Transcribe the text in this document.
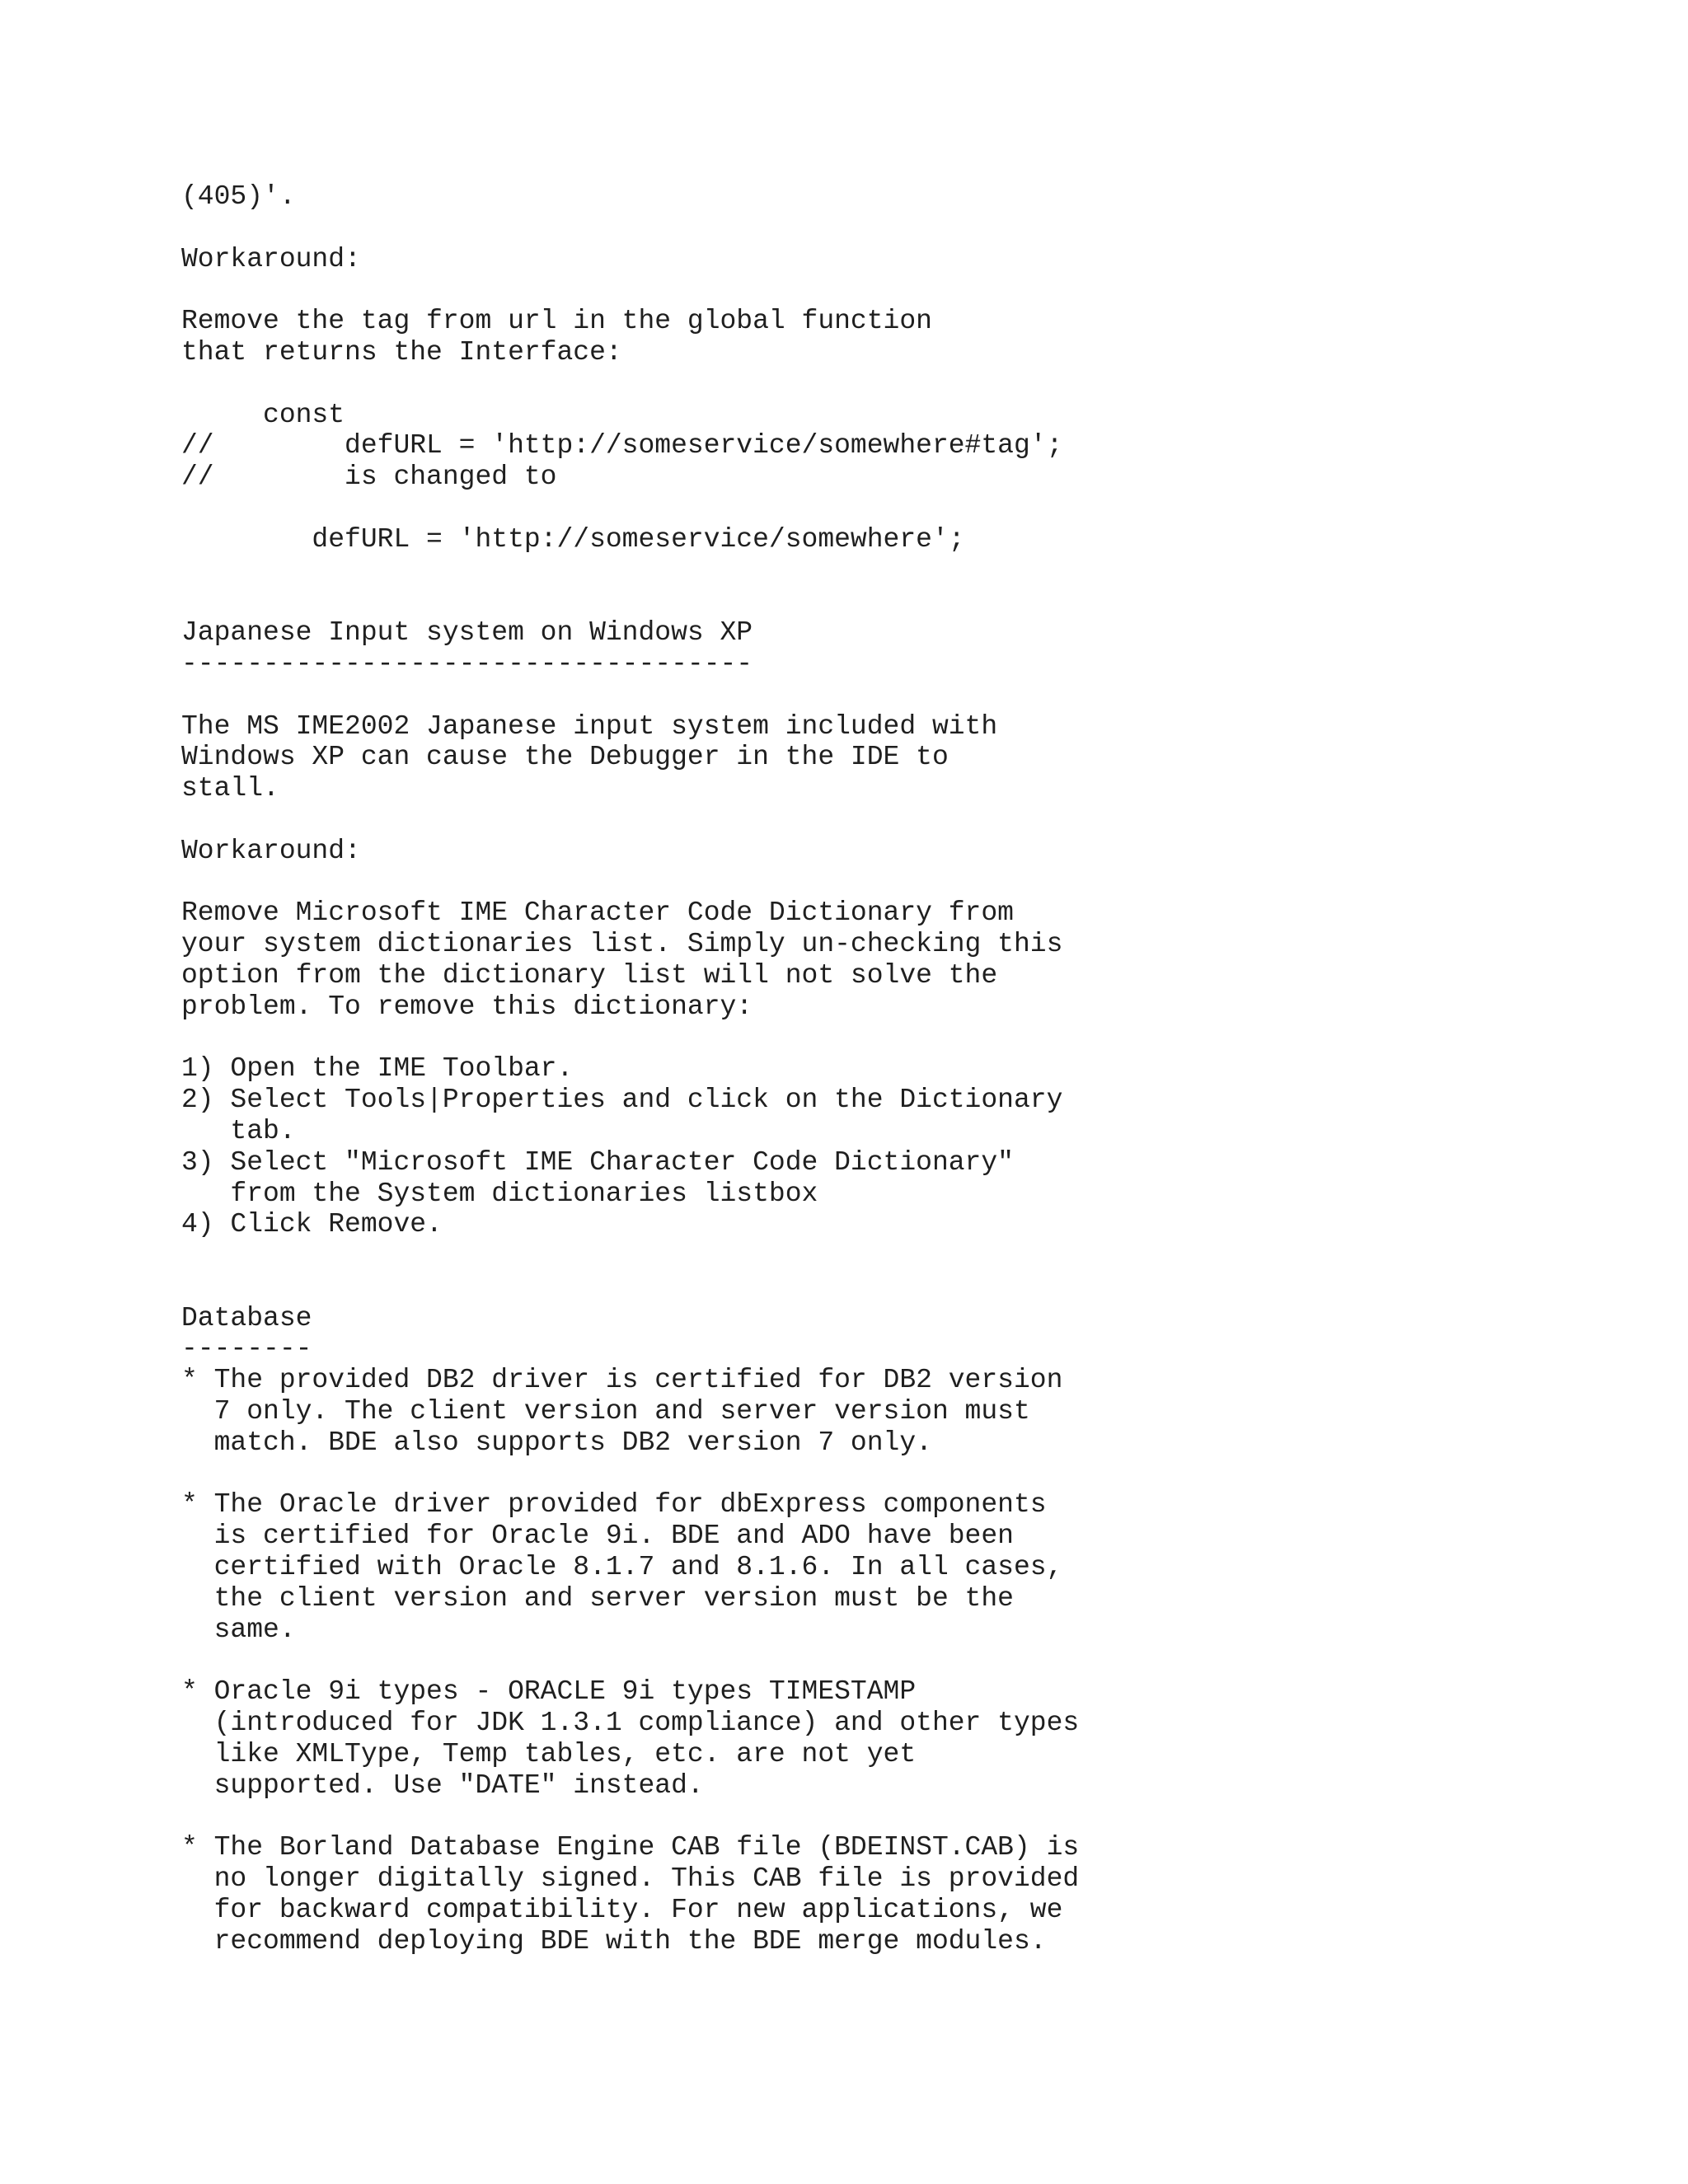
(405)'.
Workaround:
Remove the tag from url in the global function
that returns the Interface:
const
//        defURL = 'http://someservice/somewhere#tag';
//        is changed to
defURL = 'http://someservice/somewhere';
Japanese Input system on Windows XP
-----------------------------------
The MS IME2002 Japanese input system included with
Windows XP can cause the Debugger in the IDE to
stall.
Workaround:
Remove Microsoft IME Character Code Dictionary from
your system dictionaries list. Simply un-checking this
option from the dictionary list will not solve the
problem. To remove this dictionary:
1) Open the IME Toolbar.
2) Select Tools|Properties and click on the Dictionary
tab.
3) Select "Microsoft IME Character Code Dictionary"
from the System dictionaries listbox
4) Click Remove.
Database
--------
* The provided DB2 driver is certified for DB2 version
7 only. The client version and server version must
match. BDE also supports DB2 version 7 only.
* The Oracle driver provided for dbExpress components
is certified for Oracle 9i. BDE and ADO have been
certified with Oracle 8.1.7 and 8.1.6. In all cases,
the client version and server version must be the
same.
* Oracle 9i types - ORACLE 9i types TIMESTAMP
(introduced for JDK 1.3.1 compliance) and other types
like XMLType, Temp tables, etc. are not yet
supported. Use "DATE" instead.
* The Borland Database Engine CAB file (BDEINST.CAB) is
no longer digitally signed. This CAB file is provided
for backward compatibility. For new applications, we
recommend deploying BDE with the BDE merge modules.
